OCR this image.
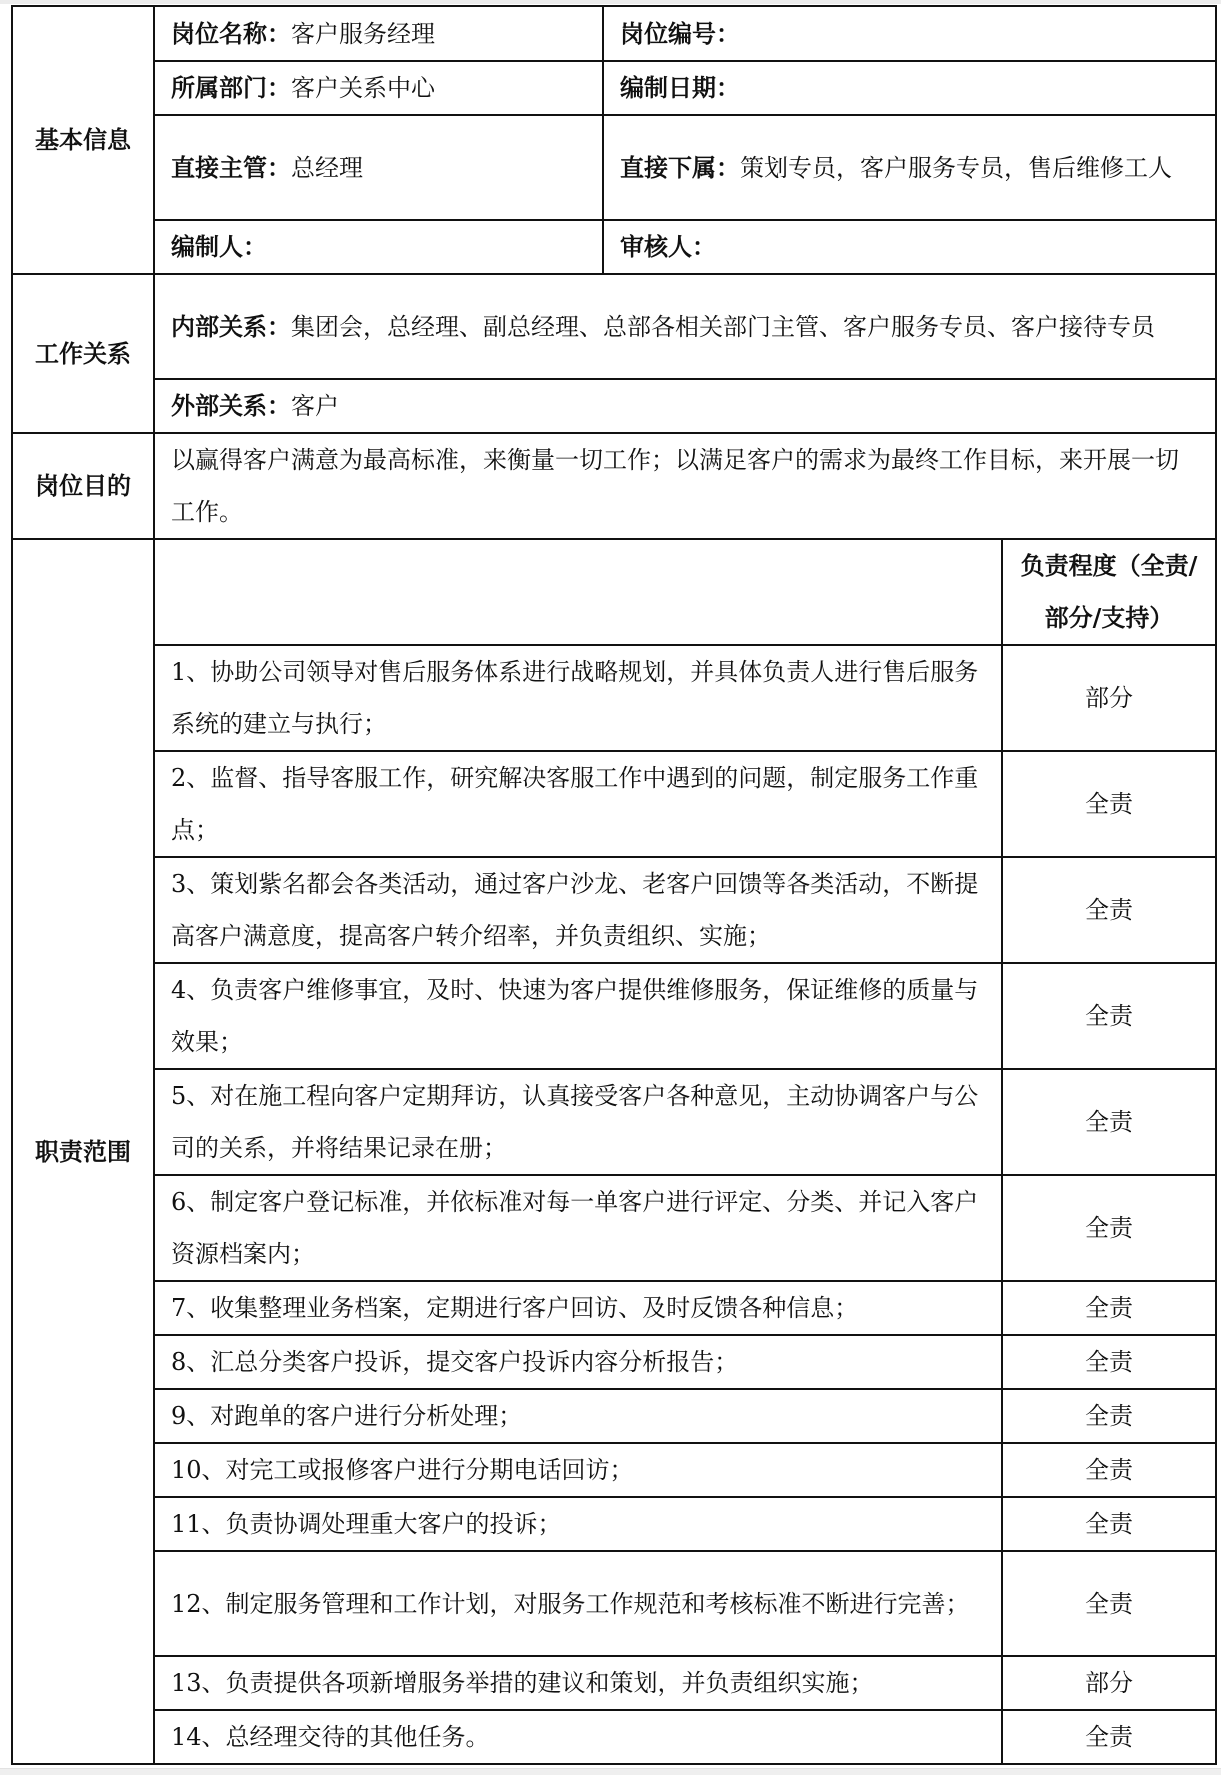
基本信息	岗位名称：客户服务经理	岗位编号：	
	所属部门：客户关系中心	编制日期：	
	直接主管：总经理	直接下属：策划专员，客户服务专员，售后维修工人	
	编制人：	审核人：	
工作关系	内部关系：集团会，总经理、副总经理、总部各相关部门主管、客户服务专员、客户接待专员		
	外部关系：客户		
岗位目的	以赢得客户满意为最高标准，来衡量一切工作；以满足客户的需求为最终工作目标，来开展一切工作。		
职责范围			负责程度（全责/部分/支持）
	1、协助公司领导对售后服务体系进行战略规划，并具体负责人进行售后服务系统的建立与执行；		部分
	2、监督、指导客服工作，研究解决客服工作中遇到的问题，制定服务工作重点；		全责
	3、策划紫名都会各类活动，通过客户沙龙、老客户回馈等各类活动，不断提高客户满意度，提高客户转介绍率，并负责组织、实施；		全责
	4、负责客户维修事宜，及时、快速为客户提供维修服务，保证维修的质量与效果；		全责
	5、对在施工程向客户定期拜访，认真接受客户各种意见，主动协调客户与公司的关系，并将结果记录在册；		全责
	6、制定客户登记标准，并依标准对每一单客户进行评定、分类、并记入客户资源档案内；		全责
	7、收集整理业务档案，定期进行客户回访、及时反馈各种信息；		全责
	8、汇总分类客户投诉，提交客户投诉内容分析报告；		全责
	9、对跑单的客户进行分析处理；		全责
	10、对完工或报修客户进行分期电话回访；		全责
	11、负责协调处理重大客户的投诉；		全责
	12、制定服务管理和工作计划，对服务工作规范和考核标准不断进行完善；		全责
	13、负责提供各项新增服务举措的建议和策划，并负责组织实施；		部分
	14、总经理交待的其他任务。		全责
